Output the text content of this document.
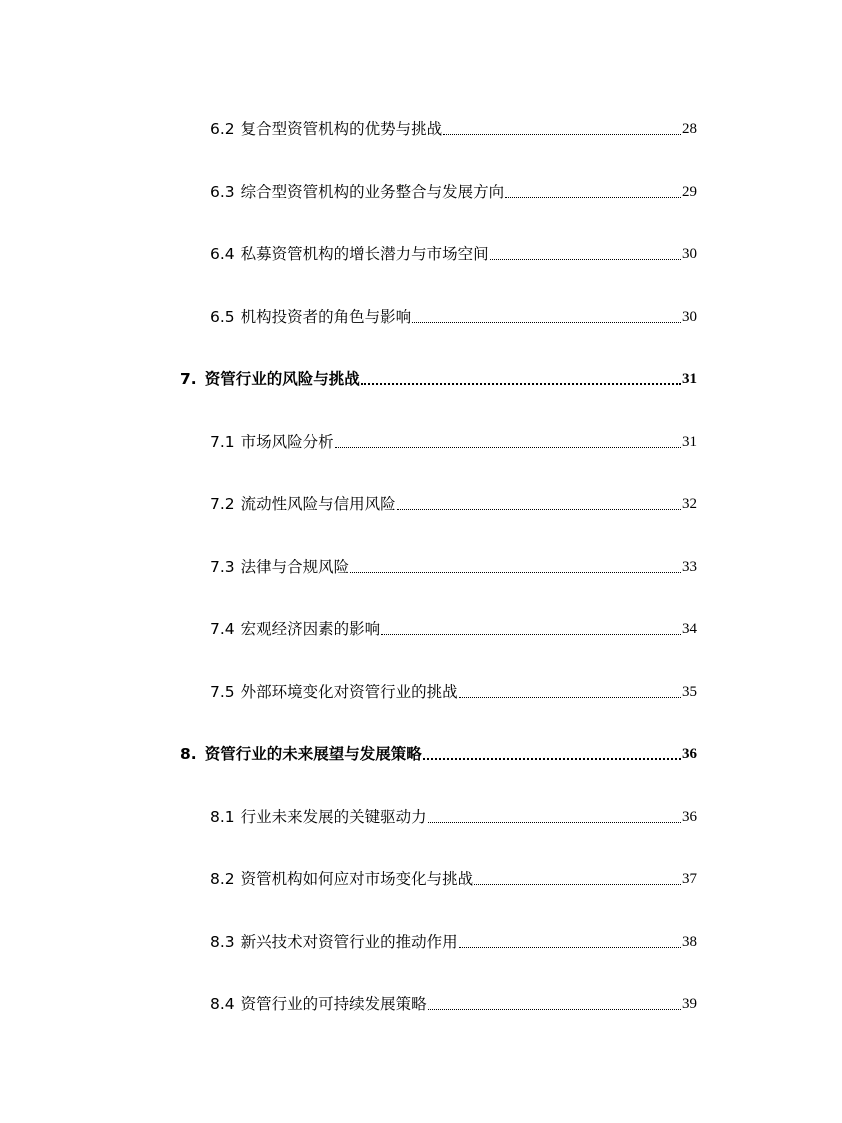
6.2 复合型资管机构的优势与挑战	28
6.3 综合型资管机构的业务整合与发展方向	29
6.4 私募资管机构的增长潜力与市场空间	30
6.5 机构投资者的角色与影响	30
7. 资管行业的风险与挑战	31
7.1 市场风险分析	31
7.2 流动性风险与信用风险	32
7.3 法律与合规风险	33
7.4 宏观经济因素的影响	34
7.5 外部环境变化对资管行业的挑战	35
8. 资管行业的未来展望与发展策略	36
8.1 行业未来发展的关键驱动力	36
8.2 资管机构如何应对市场变化与挑战	37
8.3 新兴技术对资管行业的推动作用	38
8.4 资管行业的可持续发展策略	39
